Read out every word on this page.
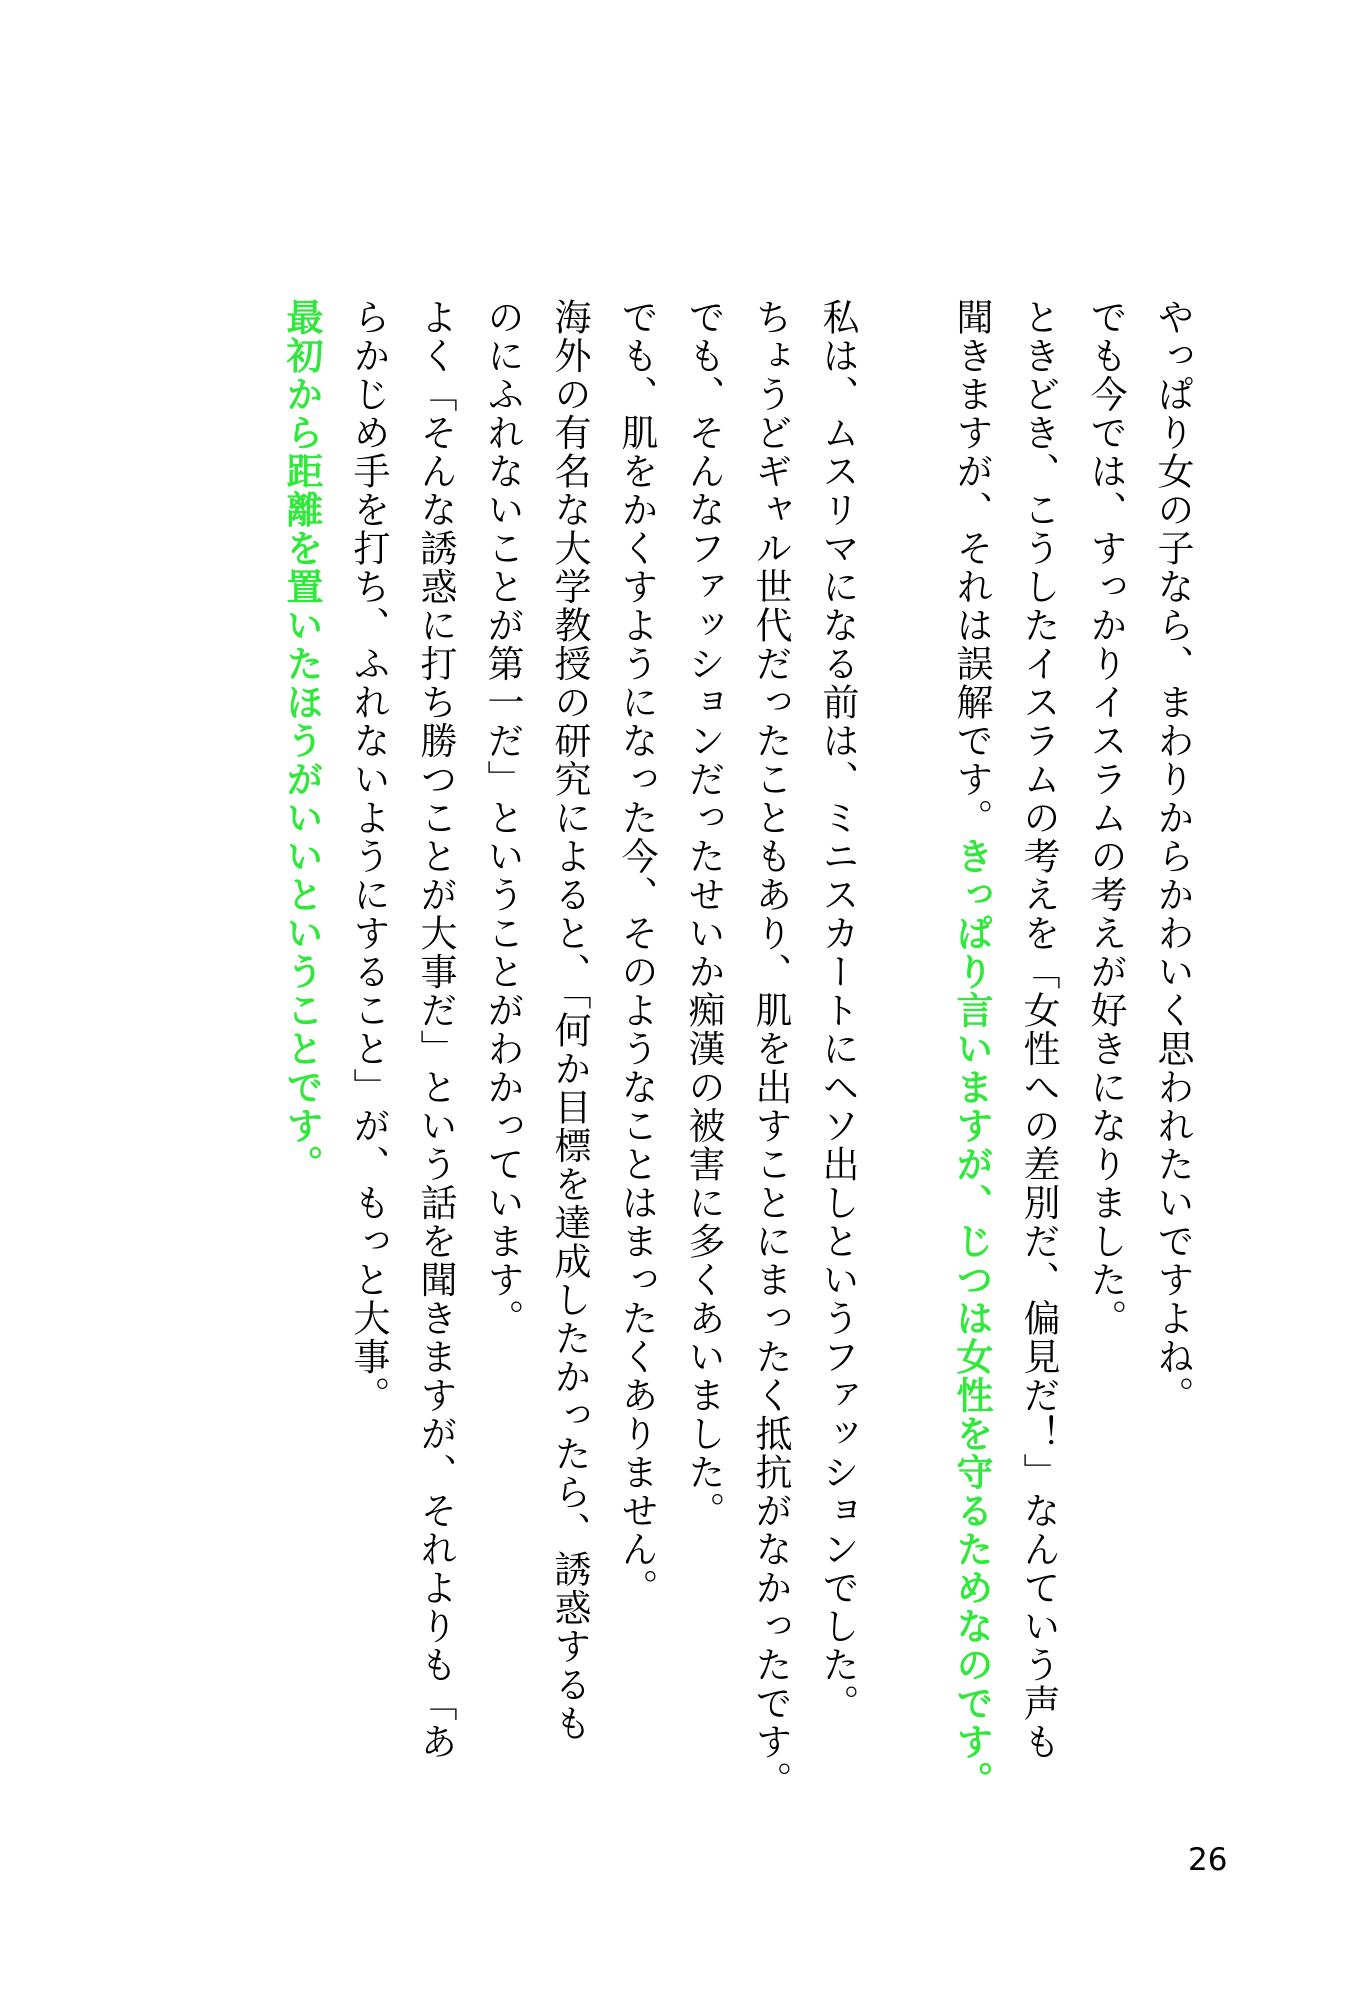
やっぱり女の子なら、まわりからかわいく思われたいですよね。
でも今では、すっかりイスラムの考えが好きになりました。
ときどき、こうしたイスラムの考えを「女性への差別だ、偏見だ！」なんていう声も
聞きますが、それは誤解です。きっぱり言いますが、じつは女性を守るためなのです。
私は、ムスリマになる前は、ミニスカートにヘソ出しというファッションでした。
ちょうどギャル世代だったこともあり、肌を出すことにまったく抵抗がなかったです。
でも、そんなファッションだったせいか痴漢の被害に多くあいました。
でも、肌をかくすようになった今、そのようなことはまったくありません。
海外の有名な大学教授の研究によると、「何か目標を達成したかったら、誘惑するも
のにふれないことが第一だ」ということがわかっています。
よく「そんな誘惑に打ち勝つことが大事だ」という話を聞きますが、それよりも「あ
らかじめ手を打ち、ふれないようにすること」が、もっと大事。
最初から距離を置いたほうがいいということです。
26
